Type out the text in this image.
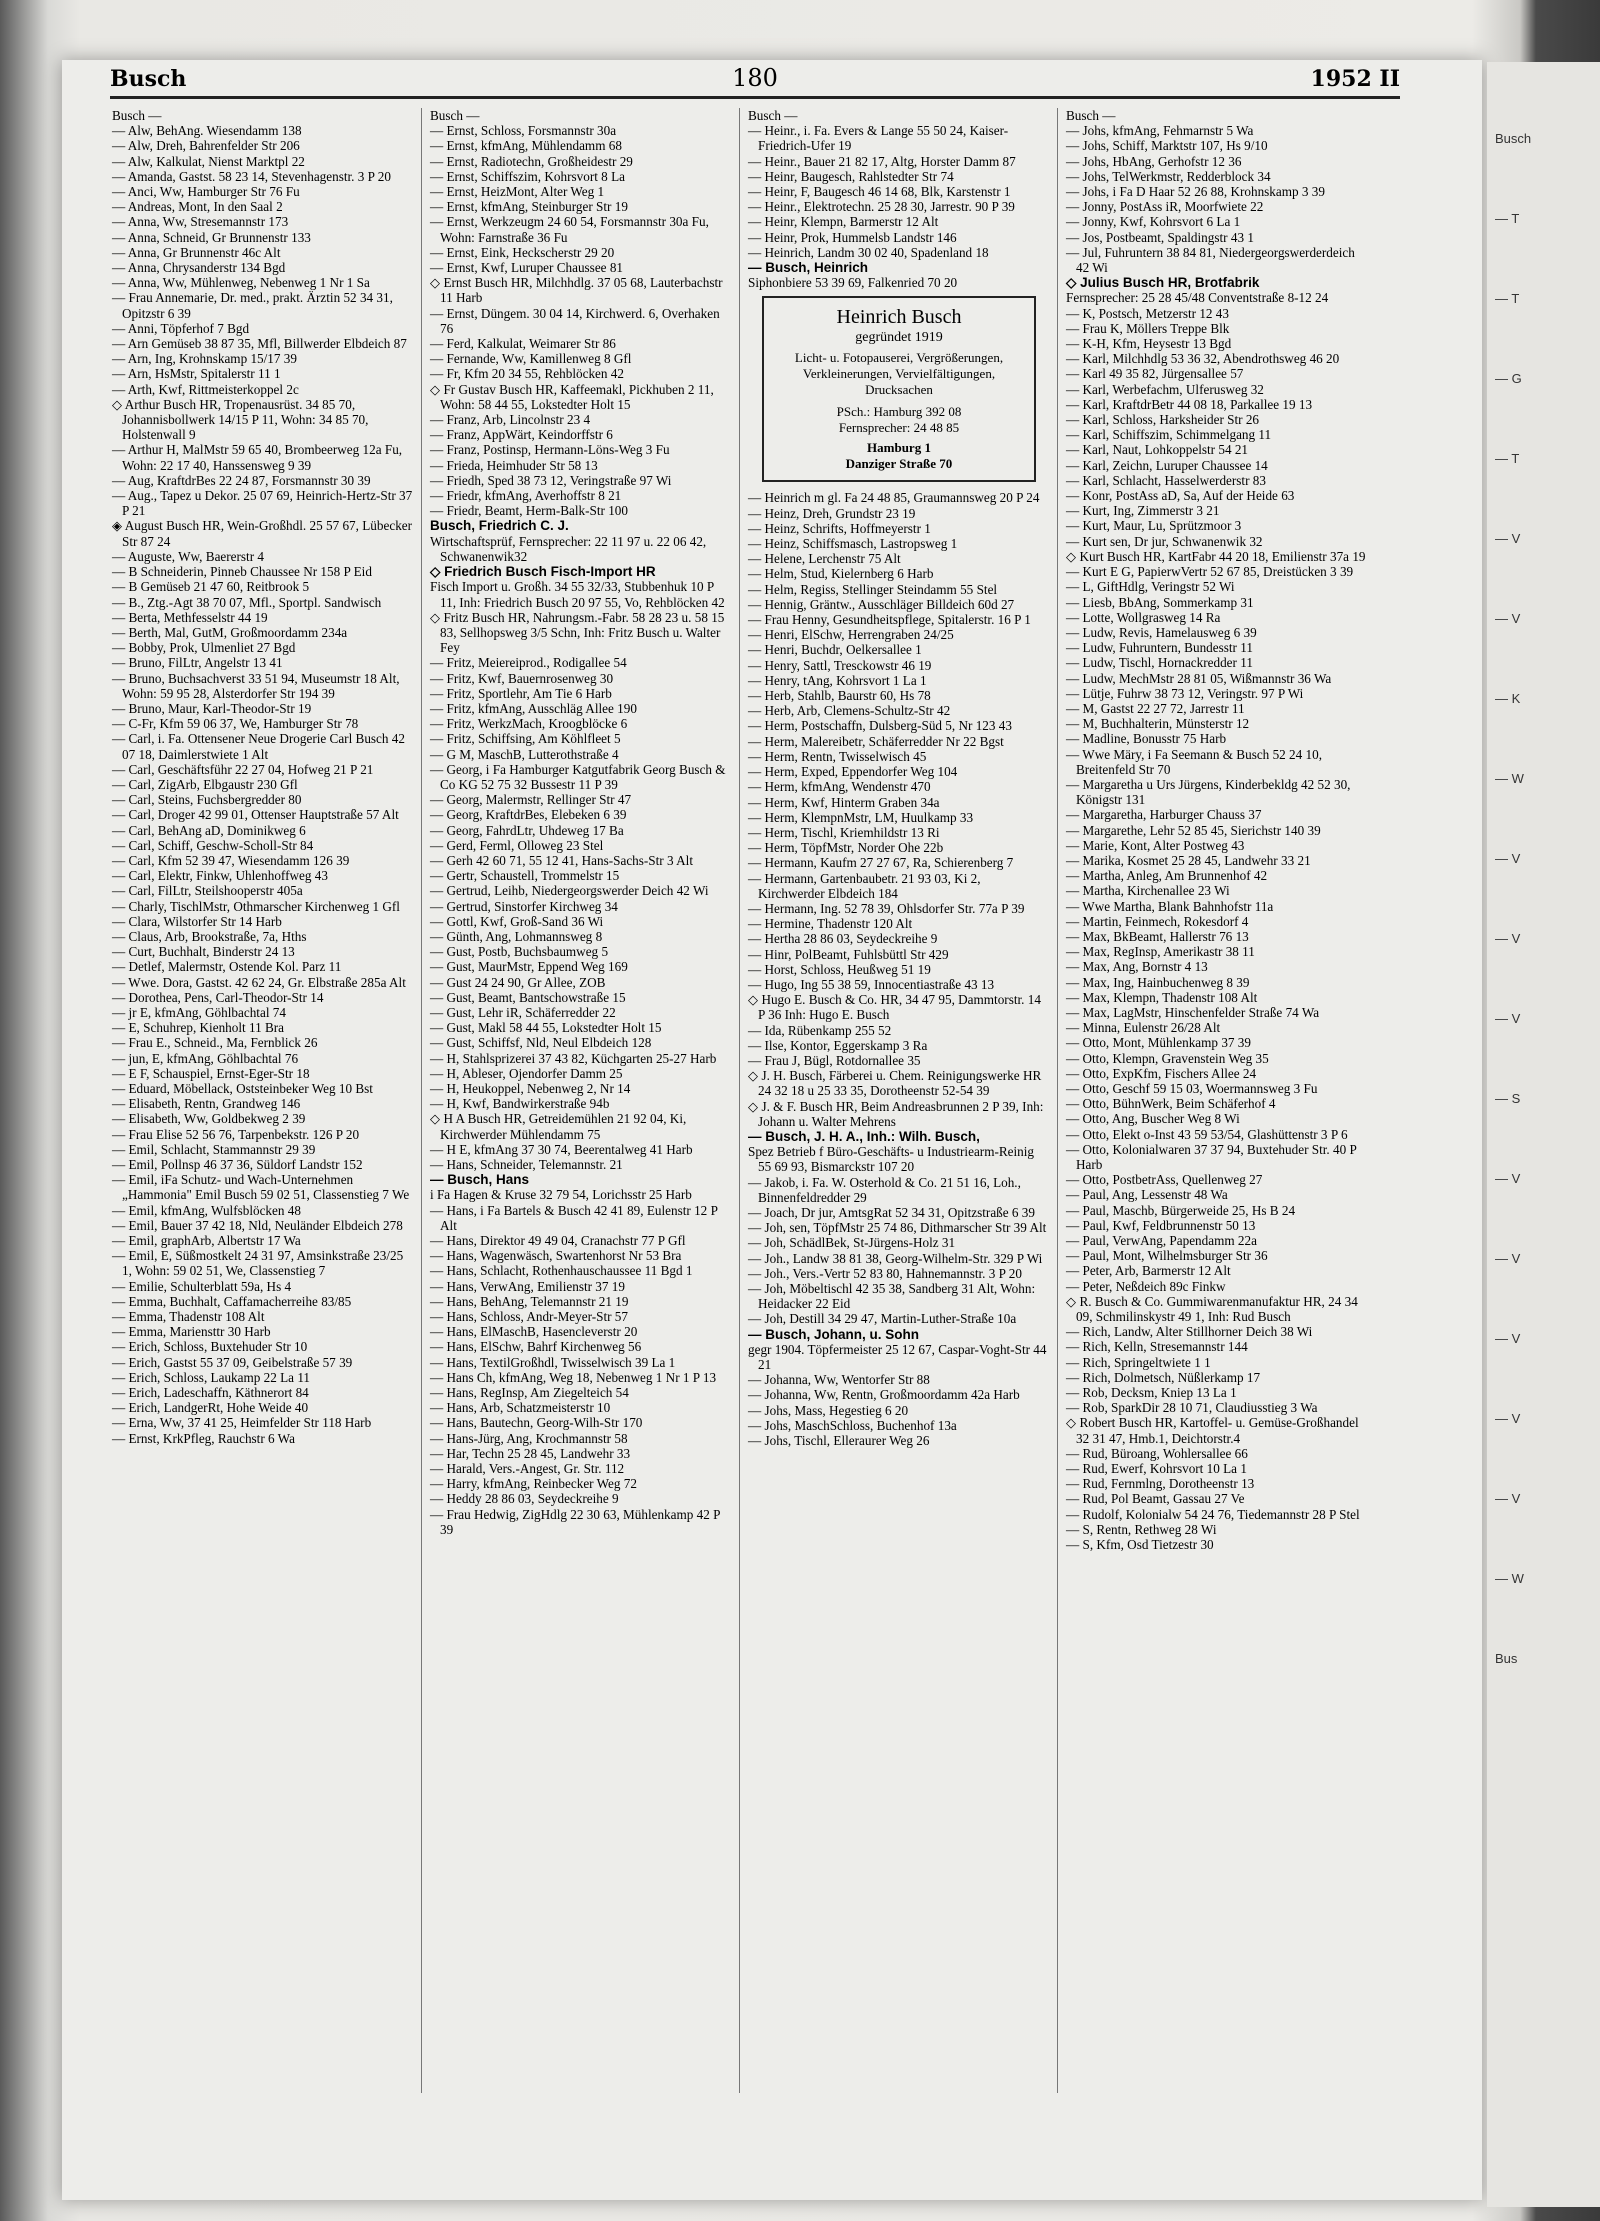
Busch
— T
— T
— G
— T
— V
— V
— K
— W
— V
— V
— V
— S
— V
— V
— V
— V
— V
— W
Bus
Busch	180	1952 II

Busch —

— Alw, BehAng. Wiesendamm 138

— Alw, Dreh, Bahrenfelder Str 206

— Alw, Kalkulat, Nienst Marktpl 22

— Amanda, Gastst. 58 23 14, Stevenhagenstr. 3 P 20

— Anci, Ww, Hamburger Str 76 Fu

— Andreas, Mont, In den Saal 2

— Anna, Ww, Stresemannstr 173

— Anna, Schneid, Gr Brunnenstr 133

— Anna, Gr Brunnenstr 46c Alt

— Anna, Chrysanderstr 134 Bgd

— Anna, Ww, Mühlenweg, Nebenweg 1 Nr 1 Sa

— Frau Annemarie, Dr. med., prakt. Ärztin 52 34 31, Opitzstr 6 39

— Anni, Töpferhof 7 Bgd

— Arn Gemüseb 38 87 35, Mfl, Billwerder Elbdeich 87

— Arn, Ing, Krohnskamp 15/17 39

— Arn, HsMstr, Spitalerstr 11 1

— Arth, Kwf, Rittmeisterkoppel 2c

◇ Arthur Busch HR, Tropenausrüst. 34 85 70, Johannisbollwerk 14/15 P 11, Wohn: 34 85 70, Holstenwall 9

— Arthur H, MalMstr 59 65 40, Brombeerweg 12a Fu, Wohn: 22 17 40, Hanssensweg 9 39

— Aug, KraftdrBes 22 24 87, Forsmannstr 30 39

— Aug., Tapez u Dekor. 25 07 69, Heinrich-Hertz-Str 37 P 21

◈ August Busch HR, Wein-Großhdl. 25 57 67, Lübecker Str 87 24

— Auguste, Ww, Baererstr 4

— B Schneiderin, Pinneb Chaussee Nr 158 P Eid

— B Gemüseb 21 47 60, Reitbrook 5

— B., Ztg.-Agt 38 70 07, Mfl., Sportpl. Sandwisch

— Berta, Methfesselstr 44 19

— Berth, Mal, GutM, Großmoordamm 234a

— Bobby, Prok, Ulmenliet 27 Bgd

— Bruno, FilLtr, Angelstr 13 41

— Bruno, Buchsachverst 33 51 94, Museumstr 18 Alt, Wohn: 59 95 28, Alsterdorfer Str 194 39

— Bruno, Maur, Karl-Theodor-Str 19

— C-Fr, Kfm 59 06 37, We, Hamburger Str 78

— Carl, i. Fa. Ottensener Neue Drogerie Carl Busch 42 07 18, Daimlerstwiete 1 Alt

— Carl, Geschäftsführ 22 27 04, Hofweg 21 P 21

— Carl, ZigArb, Elbgaustr 230 Gfl

— Carl, Steins, Fuchsbergredder 80

— Carl, Droger 42 99 01, Ottenser Hauptstraße 57 Alt

— Carl, BehAng aD, Dominikweg 6

— Carl, Schiff, Geschw-Scholl-Str 84

— Carl, Kfm 52 39 47, Wiesendamm 126 39

— Carl, Elektr, Finkw, Uhlenhoffweg 43

— Carl, FilLtr, Steilshooperstr 405a

— Charly, TischlMstr, Othmarscher Kirchenweg 1 Gfl

— Clara, Wilstorfer Str 14 Harb

— Claus, Arb, Brookstraße, 7a, Hths

— Curt, Buchhalt, Binderstr 24 13

— Detlef, Malermstr, Ostende Kol. Parz 11

— Wwe. Dora, Gastst. 42 62 24, Gr. Elbstraße 285a Alt

— Dorothea, Pens, Carl-Theodor-Str 14

— jr E, kfmAng, Göhlbachtal 74

— E, Schuhrep, Kienholt 11 Bra

— Frau E., Schneid., Ma, Fernblick 26

— jun, E, kfmAng, Göhlbachtal 76

— E F, Schauspiel, Ernst-Eger-Str 18

— Eduard, Möbellack, Oststeinbeker Weg 10 Bst

— Elisabeth, Rentn, Grandweg 146

— Elisabeth, Ww, Goldbekweg 2 39

— Frau Elise 52 56 76, Tarpenbekstr. 126 P 20

— Emil, Schlacht, Stammannstr 29 39

— Emil, Pollnsp 46 37 36, Süldorf Landstr 152

— Emil, iFa Schutz- und Wach-Unternehmen „Hammonia" Emil Busch 59 02 51, Classenstieg 7 We

— Emil, kfmAng, Wulfsblöcken 48

— Emil, Bauer 37 42 18, Nld, Neuländer Elbdeich 278

— Emil, graphArb, Albertstr 17 Wa

— Emil, E, Süßmostkelt 24 31 97, Amsinkstraße 23/25 1, Wohn: 59 02 51, We, Classenstieg 7

— Emilie, Schulterblatt 59a, Hs 4

— Emma, Buchhalt, Caffamacherreihe 83/85

— Emma, Thadenstr 108 Alt

— Emma, Mariensttr 30 Harb

— Erich, Schloss, Buxtehuder Str 10

— Erich, Gastst 55 37 09, Geibelstraße 57 39

— Erich, Schloss, Laukamp 22 La 11

— Erich, Ladeschaffn, Käthnerort 84

— Erich, LandgerRt, Hohe Weide 40

— Erna, Ww, 37 41 25, Heimfelder Str 118 Harb

— Ernst, KrkPfleg, Rauchstr 6 Wa

Busch —

— Ernst, Schloss, Forsmannstr 30a

— Ernst, kfmAng, Mühlendamm 68

— Ernst, Radiotechn, Großheidestr 29

— Ernst, Schiffszim, Kohrsvort 8 La

— Ernst, HeizMont, Alter Weg 1

— Ernst, kfmAng, Steinburger Str 19

— Ernst, Werkzeugm 24 60 54, Forsmannstr 30a Fu, Wohn: Farnstraße 36 Fu

— Ernst, Eink, Heckscherstr 29 20

— Ernst, Kwf, Luruper Chaussee 81

◇ Ernst Busch HR, Milchhdlg. 37 05 68, Lauterbachstr 11 Harb

— Ernst, Düngem. 30 04 14, Kirchwerd. 6, Overhaken 76

— Ferd, Kalkulat, Weimarer Str 86

— Fernande, Ww, Kamillenweg 8 Gfl

— Fr, Kfm 20 34 55, Rehblöcken 42

◇ Fr Gustav Busch HR, Kaffeemakl, Pickhuben 2 11, Wohn: 58 44 55, Lokstedter Holt 15

— Franz, Arb, Lincolnstr 23 4

— Franz, AppWärt, Keindorffstr 6

— Franz, Postinsp, Hermann-Löns-Weg 3 Fu

— Frieda, Heimhuder Str 58 13

— Friedh, Sped 38 73 12, Veringstraße 97 Wi

— Friedr, kfmAng, Averhoffstr 8 21

— Friedr, Beamt, Herm-Balk-Str 100

Busch, Friedrich C. J.

Wirtschaftsprüf, Fernsprecher: 22 11 97 u. 22 06 42, Schwanenwik32

◇ Friedrich Busch Fisch-Import HR

Fisch Import u. Großh. 34 55 32/33, Stubbenhuk 10 P 11, Inh: Friedrich Busch 20 97 55, Vo, Rehblöcken 42

◇ Fritz Busch HR, Nahrungsm.-Fabr. 58 28 23 u. 58 15 83, Sellhopsweg 3/5 Schn, Inh: Fritz Busch u. Walter Fey

— Fritz, Meiereiprod., Rodigallee 54

— Fritz, Kwf, Bauernrosenweg 30

— Fritz, Sportlehr, Am Tie 6 Harb

— Fritz, kfmAng, Ausschläg Allee 190

— Fritz, WerkzMach, Kroogblöcke 6

— Fritz, Schiffsing, Am Köhlfleet 5

— G M, MaschB, Lutterothstraße 4

— Georg, i Fa Hamburger Katgutfabrik Georg Busch & Co KG 52 75 32 Bussestr 11 P 39

— Georg, Malermstr, Rellinger Str 47

— Georg, KraftdrBes, Elebeken 6 39

— Georg, FahrdLtr, Uhdeweg 17 Ba

— Gerd, Ferml, Olloweg 23 Stel

— Gerh 42 60 71, 55 12 41, Hans-Sachs-Str 3 Alt

— Gertr, Schaustell, Trommelstr 15

— Gertrud, Leihb, Niedergeorgswerder Deich 42 Wi

— Gertrud, Sinstorfer Kirchweg 34

— Gottl, Kwf, Groß-Sand 36 Wi

— Günth, Ang, Lohmannsweg 8

— Gust, Postb, Buchsbaumweg 5

— Gust, MaurMstr, Eppend Weg 169

— Gust 24 24 90, Gr Allee, ZOB

— Gust, Beamt, Bantschowstraße 15

— Gust, Lehr iR, Schäferredder 22

— Gust, Makl 58 44 55, Lokstedter Holt 15

— Gust, Schiffsf, Nld, Neul Elbdeich 128

— H, Stahlsprizerei 37 43 82, Küchgarten 25-27 Harb

— H, Ableser, Ojendorfer Damm 25

— H, Heukoppel, Nebenweg 2, Nr 14

— H, Kwf, Bandwirkerstraße 94b

◇ H A Busch HR, Getreidemühlen 21 92 04, Ki, Kirchwerder Mühlendamm 75

— H E, kfmAng 37 30 74, Beerentalweg 41 Harb

— Hans, Schneider, Telemannstr. 21

— Busch, Hans

i Fa Hagen & Kruse 32 79 54, Lorichsstr 25 Harb

— Hans, i Fa Bartels & Busch 42 41 89, Eulenstr 12 P Alt

— Hans, Direktor 49 49 04, Cranachstr 77 P Gfl

— Hans, Wagenwäsch, Swartenhorst Nr 53 Bra

— Hans, Schlacht, Rothenhauschaussee 11 Bgd 1

— Hans, VerwAng, Emilienstr 37 19

— Hans, BehAng, Telemannstr 21 19

— Hans, Schloss, Andr-Meyer-Str 57

— Hans, ElMaschB, Hasencleverstr 20

— Hans, ElSchw, Bahrf Kirchenweg 56

— Hans, TextilGroßhdl, Twisselwisch 39 La 1

— Hans Ch, kfmAng, Weg 18, Nebenweg 1 Nr 1 P 13

— Hans, RegInsp, Am Ziegelteich 54

— Hans, Arb, Schatzmeisterstr 10

— Hans, Bautechn, Georg-Wilh-Str 170

— Hans-Jürg, Ang, Krochmannstr 58

— Har, Techn 25 28 45, Landwehr 33

— Harald, Vers.-Angest, Gr. Str. 112

— Harry, kfmAng, Reinbecker Weg 72

— Heddy 28 86 03, Seydeckreihe 9

— Frau Hedwig, ZigHdlg 22 30 63, Mühlenkamp 42 P 39

Busch —

— Heinr., i. Fa. Evers & Lange 55 50 24, Kaiser-Friedrich-Ufer 19

— Heinr., Bauer 21 82 17, Altg, Horster Damm 87

— Heinr, Baugesch, Rahlstedter Str 74

— Heinr, F, Baugesch 46 14 68, Blk, Karstenstr 1

— Heinr., Elektrotechn. 25 28 30, Jarrestr. 90 P 39

— Heinr, Klempn, Barmerstr 12 Alt

— Heinr, Prok, Hummelsb Landstr 146

— Heinrich, Landm 30 02 40, Spadenland 18

— Busch, Heinrich

Siphonbiere 53 39 69, Falkenried 70 20

Heinrich Busch
gegründet 1919
Licht- u. Fotopauserei, Vergrößerungen, Verkleinerungen, Vervielfältigungen, Drucksachen
PSch.: Hamburg 392 08
Fernsprecher: 24 48 85
Hamburg 1
Danziger Straße 70

— Heinrich m gl. Fa 24 48 85, Graumannsweg 20 P 24

— Heinz, Dreh, Grundstr 23 19

— Heinz, Schrifts, Hoffmeyerstr 1

— Heinz, Schiffsmasch, Lastropsweg 1

— Helene, Lerchenstr 75 Alt

— Helm, Stud, Kielernberg 6 Harb

— Helm, Regiss, Stellinger Steindamm 55 Stel

— Hennig, Gräntw., Ausschläger Billdeich 60d 27

— Frau Henny, Gesundheitspflege, Spitalerstr. 16 P 1

— Henri, ElSchw, Herrengraben 24/25

— Henri, Buchdr, Oelkersallee 1

— Henry, Sattl, Tresckowstr 46 19

— Henry, tAng, Kohrsvort 1 La 1

— Herb, Stahlb, Baurstr 60, Hs 78

— Herb, Arb, Clemens-Schultz-Str 42

— Herm, Postschaffn, Dulsberg-Süd 5, Nr 123 43

— Herm, Malereibetr, Schäferredder Nr 22 Bgst

— Herm, Rentn, Twisselwisch 45

— Herm, Exped, Eppendorfer Weg 104

— Herm, kfmAng, Wendenstr 470

— Herm, Kwf, Hinterm Graben 34a

— Herm, KlempnMstr, LM, Huulkamp 33

— Herm, Tischl, Kriemhildstr 13 Ri

— Herm, TöpfMstr, Norder Ohe 22b

— Hermann, Kaufm 27 27 67, Ra, Schierenberg 7

— Hermann, Gartenbaubetr. 21 93 03, Ki 2, Kirchwerder Elbdeich 184

— Hermann, Ing. 52 78 39, Ohlsdorfer Str. 77a P 39

— Hermine, Thadenstr 120 Alt

— Hertha 28 86 03, Seydeckreihe 9

— Hinr, PolBeamt, Fuhlsbüttl Str 429

— Horst, Schloss, Heußweg 51 19

— Hugo, Ing 55 38 59, Innocentiastraße 43 13

◇ Hugo E. Busch & Co. HR, 34 47 95, Dammtorstr. 14 P 36 Inh: Hugo E. Busch

— Ida, Rübenkamp 255 52

— Ilse, Kontor, Eggerskamp 3 Ra

— Frau J, Bügl, Rotdornallee 35

◇ J. H. Busch, Färberei u. Chem. Reinigungswerke HR 24 32 18 u 25 33 35, Dorotheenstr 52-54 39

◇ J. & F. Busch HR, Beim Andreasbrunnen 2 P 39, Inh: Johann u. Walter Mehrens

— Busch, J. H. A., Inh.: Wilh. Busch,

Spez Betrieb f Büro-Geschäfts- u Industriearm-Reinig 55 69 93, Bismarckstr 107 20

— Jakob, i. Fa. W. Osterhold & Co. 21 51 16, Loh., Binnenfeldredder 29

— Joach, Dr jur, AmtsgRat 52 34 31, Opitzstraße 6 39

— Joh, sen, TöpfMstr 25 74 86, Dithmarscher Str 39 Alt

— Joh, SchädlBek, St-Jürgens-Holz 31

— Joh., Landw 38 81 38, Georg-Wilhelm-Str. 329 P Wi

— Joh., Vers.-Vertr 52 83 80, Hahnemannstr. 3 P 20

— Joh, Möbeltischl 42 35 38, Sandberg 31 Alt, Wohn: Heidacker 22 Eid

— Joh, Destill 34 29 47, Martin-Luther-Straße 10a

— Busch, Johann, u. Sohn

gegr 1904. Töpfermeister 25 12 67, Caspar-Voght-Str 44 21

— Johanna, Ww, Wentorfer Str 88

— Johanna, Ww, Rentn, Großmoordamm 42a Harb

— Johs, Mass, Hegestieg 6 20

— Johs, MaschSchloss, Buchenhof 13a

— Johs, Tischl, Elleraurer Weg 26

Busch —

— Johs, kfmAng, Fehmarnstr 5 Wa

— Johs, Schiff, Marktstr 107, Hs 9/10

— Johs, HbAng, Gerhofstr 12 36

— Johs, TelWerkmstr, Redderblock 34

— Johs, i Fa D Haar 52 26 88, Krohnskamp 3 39

— Jonny, PostAss iR, Moorfwiete 22

— Jonny, Kwf, Kohrsvort 6 La 1

— Jos, Postbeamt, Spaldingstr 43 1

— Jul, Fuhruntern 38 84 81, Niedergeorgswerderdeich 42 Wi

◇ Julius Busch HR, Brotfabrik

Fernsprecher: 25 28 45/48 Conventstraße 8-12 24

— K, Postsch, Metzerstr 12 43

— Frau K, Möllers Treppe Blk

— K-H, Kfm, Heysestr 13 Bgd

— Karl, Milchhdlg 53 36 32, Abendrothsweg 46 20

— Karl 49 35 82, Jürgensallee 57

— Karl, Werbefachm, Ulferusweg 32

— Karl, KraftdrBetr 44 08 18, Parkallee 19 13

— Karl, Schloss, Harksheider Str 26

— Karl, Schiffszim, Schimmelgang 11

— Karl, Naut, Lohkoppelstr 54 21

— Karl, Zeichn, Luruper Chaussee 14

— Karl, Schlacht, Hasselwerderstr 83

— Konr, PostAss aD, Sa, Auf der Heide 63

— Kurt, Ing, Zimmerstr 3 21

— Kurt, Maur, Lu, Sprützmoor 3

— Kurt sen, Dr jur, Schwanenwik 32

◇ Kurt Busch HR, KartFabr 44 20 18, Emilienstr 37a 19

— Kurt E G, PapierwVertr 52 67 85, Dreistücken 3 39

— L, GiftHdlg, Veringstr 52 Wi

— Liesb, BbAng, Sommerkamp 31

— Lotte, Wollgrasweg 14 Ra

— Ludw, Revis, Hamelausweg 6 39

— Ludw, Fuhruntern, Bundesstr 11

— Ludw, Tischl, Hornackredder 11

— Ludw, MechMstr 28 81 05, Wißmannstr 36 Wa

— Lütje, Fuhrw 38 73 12, Veringstr. 97 P Wi

— M, Gastst 22 27 72, Jarrestr 11

— M, Buchhalterin, Münsterstr 12

— Madline, Bonusstr 75 Harb

— Wwe Märy, i Fa Seemann & Busch 52 24 10, Breitenfeld Str 70

— Margaretha u Urs Jürgens, Kinderbekldg 42 52 30, Königstr 131

— Margaretha, Harburger Chauss 37

— Margarethe, Lehr 52 85 45, Sierichstr 140 39

— Marie, Kont, Alter Postweg 43

— Marika, Kosmet 25 28 45, Landwehr 33 21

— Martha, Anleg, Am Brunnenhof 42

— Martha, Kirchenallee 23 Wi

— Wwe Martha, Blank Bahnhofstr 11a

— Martin, Feinmech, Rokesdorf 4

— Max, BkBeamt, Hallerstr 76 13

— Max, RegInsp, Amerikastr 38 11

— Max, Ang, Bornstr 4 13

— Max, Ing, Hainbuchenweg 8 39

— Max, Klempn, Thadenstr 108 Alt

— Max, LagMstr, Hinschenfelder Straße 74 Wa

— Minna, Eulenstr 26/28 Alt

— Otto, Mont, Mühlenkamp 37 39

— Otto, Klempn, Gravenstein Weg 35

— Otto, ExpKfm, Fischers Allee 24

— Otto, Geschf 59 15 03, Woermannsweg 3 Fu

— Otto, BühnWerk, Beim Schäferhof 4

— Otto, Ang, Buscher Weg 8 Wi

— Otto, Elekt o-Inst 43 59 53/54, Glashüttenstr 3 P 6

— Otto, Kolonialwaren 37 37 94, Buxtehuder Str. 40 P Harb

— Otto, PostbetrAss, Quellenweg 27

— Paul, Ang, Lessenstr 48 Wa

— Paul, Maschb, Bürgerweide 25, Hs B 24

— Paul, Kwf, Feldbrunnenstr 50 13

— Paul, VerwAng, Papendamm 22a

— Paul, Mont, Wilhelmsburger Str 36

— Peter, Arb, Barmerstr 12 Alt

— Peter, Neßdeich 89c Finkw

◇ R. Busch & Co. Gummiwarenmanufaktur HR, 24 34 09, Schmilinskystr 49 1, Inh: Rud Busch

— Rich, Landw, Alter Stillhorner Deich 38 Wi

— Rich, Kelln, Stresemannstr 144

— Rich, Springeltwiete 1 1

— Rich, Dolmetsch, Nüßlerkamp 17

— Rob, Decksm, Kniep 13 La 1

— Rob, SparkDir 28 10 71, Claudiusstieg 3 Wa

◇ Robert Busch HR, Kartoffel- u. Gemüse-Großhandel 32 31 47, Hmb.1, Deichtorstr.4

— Rud, Büroang, Wohlersallee 66

— Rud, Ewerf, Kohrsvort 10 La 1

— Rud, Fernmlng, Dorotheenstr 13

— Rud, Pol Beamt, Gassau 27 Ve

— Rudolf, Kolonialw 54 24 76, Tiedemannstr 28 P Stel

— S, Rentn, Rethweg 28 Wi

— S, Kfm, Osd Tietzestr 30
